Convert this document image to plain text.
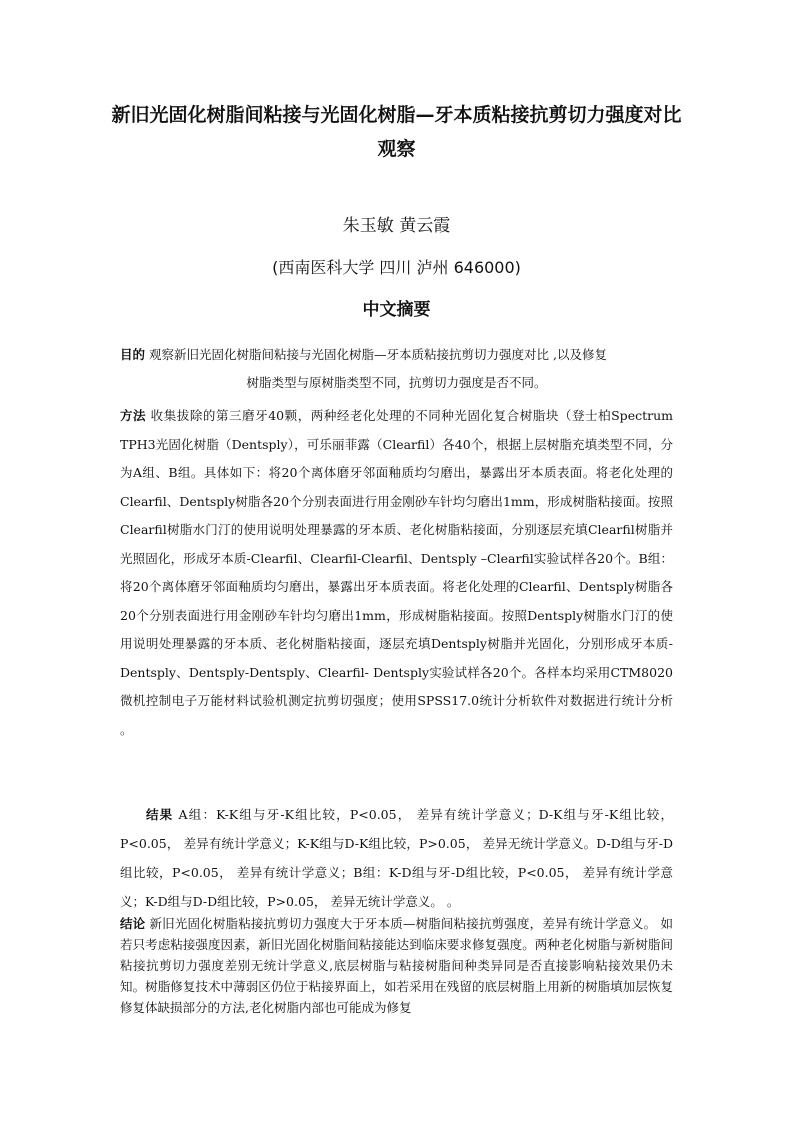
新旧光固化树脂间粘接与光固化树脂—牙本质粘接抗剪切力强度对比观察
朱玉敏 黄云霞
(西南医科大学 四川 泸州 646000)
中文摘要

目的 观察新旧光固化树脂间粘接与光固化树脂—牙本质粘接抗剪切力强度对比 ,以及修复
树脂类型与原树脂类型不同，抗剪切力强度是否不同。

方法 收集拔除的第三磨牙40颗，两种经老化处理的不同种光固化复合树脂块（登士柏Spectrum TPH3光固化树脂（Dentsply），可乐丽菲露（Clearfil）各40个，根据上层树脂充填类型不同，分为A组、B组。具体如下：将20个离体磨牙邻面釉质均匀磨出，暴露出牙本质表面。将老化处理的Clearfil、Dentsply树脂各20个分别表面进行用金刚砂车针均匀磨出1mm，形成树脂粘接面。按照Clearfil树脂水门汀的使用说明处理暴露的牙本质、老化树脂粘接面，分别逐层充填Clearfil树脂并光照固化，形成牙本质-Clearfil、Clearfil-Clearfil、Dentsply –Clearfil实验试样各20个。B组： 将20个离体磨牙邻面釉质均匀磨出，暴露出牙本质表面。将老化处理的Clearfil、Dentsply树脂各20个分别表面进行用金刚砂车针均匀磨出1mm，形成树脂粘接面。按照Dentsply树脂水门汀的使用说明处理暴露的牙本质、老化树脂粘接面，逐层充填Dentsply树脂并光固化，分别形成牙本质- Dentsply、Dentsply-Dentsply、Clearfil- Dentsply实验试样各20个。各样本均采用CTM8020微机控制电子万能材料试验机测定抗剪切强度；使用SPSS17.0统计分析软件对数据进行统计分析 。

结果 A组：K-K组与牙-K组比较，P<0.05， 差异有统计学意义；D-K组与牙-K组比较，P<0.05， 差异有统计学意义；K-K组与D-K组比较，P>0.05， 差异无统计学意义。D-D组与牙-D组比较，P<0.05， 差异有统计学意义；B组：K-D组与牙-D组比较，P<0.05， 差异有统计学意义；K-D组与D-D组比较，P>0.05， 差异无统计学意义。 。

结论 新旧光固化树脂粘接抗剪切力强度大于牙本质—树脂间粘接抗剪强度，差异有统计学意义。 如若只考虑粘接强度因素，新旧光固化树脂间粘接能达到临床要求修复强度。两种老化树脂与新树脂间粘接抗剪切力强度差别无统计学意义,底层树脂与粘接树脂间种类异同是否直接影响粘接效果仍未知。树脂修复技术中薄弱区仍位于粘接界面上，如若采用在残留的底层树脂上用新的树脂填加层恢复修复体缺损部分的方法,老化树脂内部也可能成为修复
